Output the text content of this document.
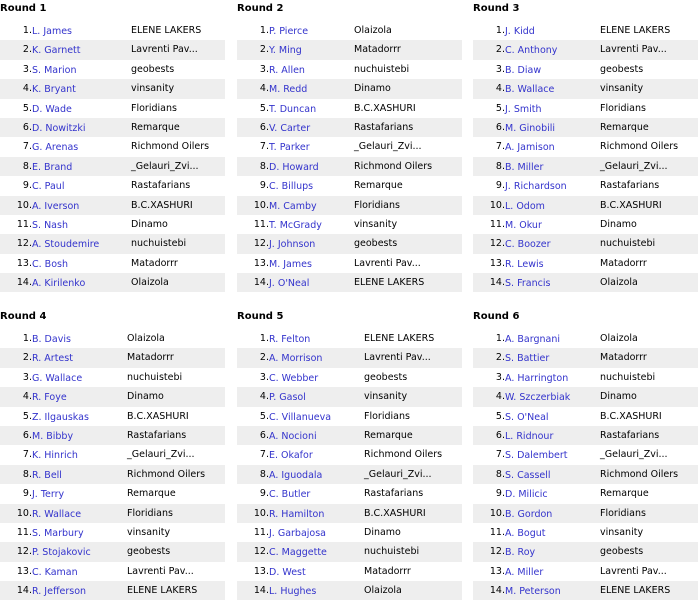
Round 1
1. L. James	ELENE LAKERS
2. K. Garnett	Lavrenti Pav...
3. S. Marion	geobests
4. K. Bryant	vinsanity
5. D. Wade	Floridians
6. D. Nowitzki	Remarque
7. G. Arenas	Richmond Oilers
8. E. Brand	_Gelauri_Zvi...
9. C. Paul	Rastafarians
10. A. Iverson	B.C.XASHURI
11. S. Nash	Dinamo
12. A. Stoudemire	nuchuistebi
13. C. Bosh	Matadorrr
14. A. Kirilenko	Olaizola
Round 2
1. P. Pierce	Olaizola
2. Y. Ming	Matadorrr
3. R. Allen	nuchuistebi
4. M. Redd	Dinamo
5. T. Duncan	B.C.XASHURI
6. V. Carter	Rastafarians
7. T. Parker	_Gelauri_Zvi...
8. D. Howard	Richmond Oilers
9. C. Billups	Remarque
10. M. Camby	Floridians
11. T. McGrady	vinsanity
12. J. Johnson	geobests
13. M. James	Lavrenti Pav...
14. J. O'Neal	ELENE LAKERS
Round 3
1. J. Kidd	ELENE LAKERS
2. C. Anthony	Lavrenti Pav...
3. B. Diaw	geobests
4. B. Wallace	vinsanity
5. J. Smith	Floridians
6. M. Ginobili	Remarque
7. A. Jamison	Richmond Oilers
8. B. Miller	_Gelauri_Zvi...
9. J. Richardson	Rastafarians
10. L. Odom	B.C.XASHURI
11. M. Okur	Dinamo
12. C. Boozer	nuchuistebi
13. R. Lewis	Matadorrr
14. S. Francis	Olaizola
Round 4
1. B. Davis	Olaizola
2. R. Artest	Matadorrr
3. G. Wallace	nuchuistebi
4. R. Foye	Dinamo
5. Z. Ilgauskas	B.C.XASHURI
6. M. Bibby	Rastafarians
7. K. Hinrich	_Gelauri_Zvi...
8. R. Bell	Richmond Oilers
9. J. Terry	Remarque
10. R. Wallace	Floridians
11. S. Marbury	vinsanity
12. P. Stojakovic	geobests
13. C. Kaman	Lavrenti Pav...
14. R. Jefferson	ELENE LAKERS
Round 5
1. R. Felton	ELENE LAKERS
2. A. Morrison	Lavrenti Pav...
3. C. Webber	geobests
4. P. Gasol	vinsanity
5. C. Villanueva	Floridians
6. A. Nocioni	Remarque
7. E. Okafor	Richmond Oilers
8. A. Iguodala	_Gelauri_Zvi...
9. C. Butler	Rastafarians
10. R. Hamilton	B.C.XASHURI
11. J. Garbajosa	Dinamo
12. C. Maggette	nuchuistebi
13. D. West	Matadorrr
14. L. Hughes	Olaizola
Round 6
1. A. Bargnani	Olaizola
2. S. Battier	Matadorrr
3. A. Harrington	nuchuistebi
4. W. Szczerbiak	Dinamo
5. S. O'Neal	B.C.XASHURI
6. L. Ridnour	Rastafarians
7. S. Dalembert	_Gelauri_Zvi...
8. S. Cassell	Richmond Oilers
9. D. Milicic	Remarque
10. B. Gordon	Floridians
11. A. Bogut	vinsanity
12. B. Roy	geobests
13. A. Miller	Lavrenti Pav...
14. M. Peterson	ELENE LAKERS
